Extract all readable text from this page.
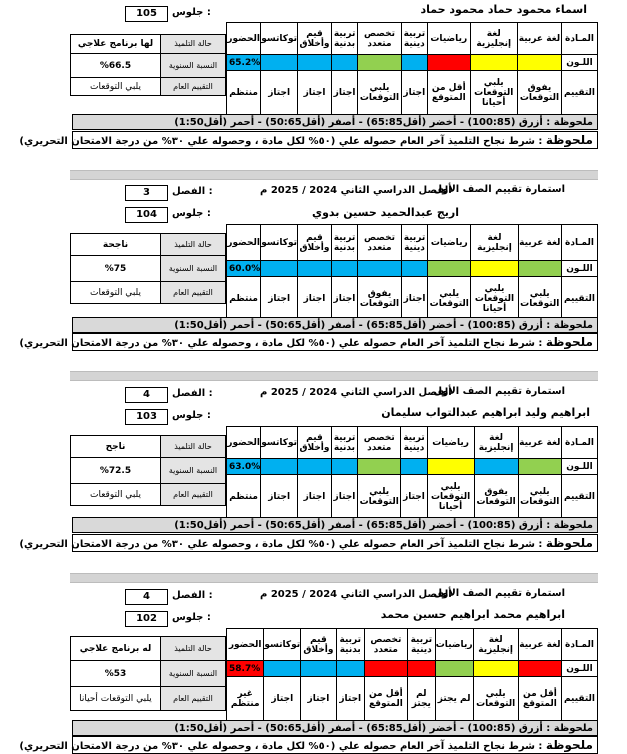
105	جلوس :	اسماء محمود حماد محمود حماد
لها برنامج علاجي	حالة التلميذ
%66.5	النسبة السنوية
يلبي التوقعات	التقييم العام
الحضور	توكاتسو	قيم وأخلاق	تربية بدنية	تخصص متعدد	تربية دينية	رياضيات	لغة إنجليزية	لغة عربية	المـادة
65.2%									اللـون
منتظم	اجتاز	اجتاز	اجتاز	يلبي التوقعات	اجتاز	أقل من المتوقع	يلبي التوقعات أحيانا	يفوق التوقعات	التقييم
ملحوظة : أزرق (100:85) - أخضر (أقل65:85) - أصفر (أقل50:65) - أحمر (أقل1:50)
ملحوظة : شرط نجاح التلميذ آخر العام حصوله علي (٥٠% لكل مادة ، وحصوله علي ٣٠% من درجة الامتحان التحريري)
3	الفصل :	الفصل الدراسي الثاني 2024 / 2025 م
استمارة تقييم الصف الأول
104	جلوس :	اريج عبدالحميد حسين بدوي
ناجحة	حالة التلميذ
%75	النسبة السنوية
يلبي التوقعات	التقييم العام
الحضور	توكاتسو	قيم وأخلاق	تربية بدنية	تخصص متعدد	تربية دينية	رياضيات	لغة إنجليزية	لغة عربية	المـادة
60.0%									اللـون
منتظم	اجتاز	اجتاز	اجتاز	يفوق التوقعات	اجتاز	يلبي التوقعات	يلبي التوقعات أحيانا	يلبي التوقعات	التقييم
ملحوظة : أزرق (100:85) - أخضر (أقل65:85) - أصفر (أقل50:65) - أحمر (أقل1:50)
ملحوظة : شرط نجاح التلميذ آخر العام حصوله علي (٥٠% لكل مادة ، وحصوله علي ٣٠% من درجة الامتحان التحريري)
4	الفصل :	الفصل الدراسي الثاني 2024 / 2025 م
استمارة تقييم الصف الأول
103	جلوس :	ابراهيم وليد ابراهيم عبدالتواب سليمان
ناجح	حالة التلميذ
%72.5	النسبة السنوية
يلبي التوقعات	التقييم العام
الحضور	توكاتسو	قيم وأخلاق	تربية بدنية	تخصص متعدد	تربية دينية	رياضيات	لغة إنجليزية	لغة عربية	المـادة
63.0%									اللـون
منتظم	اجتاز	اجتاز	اجتاز	يلبي التوقعات	اجتاز	يلبي التوقعات أحيانا	يفوق التوقعات	يلبي التوقعات	التقييم
ملحوظة : أزرق (100:85) - أخضر (أقل65:85) - أصفر (أقل50:65) - أحمر (أقل1:50)
ملحوظة : شرط نجاح التلميذ آخر العام حصوله علي (٥٠% لكل مادة ، وحصوله علي ٣٠% من درجة الامتحان التحريري)
4	الفصل :	الفصل الدراسي الثاني 2024 / 2025 م
استمارة تقييم الصف الأول
102	جلوس :	ابراهيم محمد ابراهيم حسين محمد
له برنامج علاجي	حالة التلميذ
%53	النسبة السنوية
يلبي التوقعات أحيانا	التقييم العام
الحضور	توكاتسو	قيم وأخلاق	تربية بدنية	تخصص متعدد	تربية دينية	رياضيات	لغة إنجليزية	لغة عربية	المـادة
58.7%									اللـون
غير منتظم	اجتاز	اجتاز	اجتاز	أقل من المتوقع	لم يجتز	لم يجتز	يلبي التوقعات	أقل من المتوقع	التقييم
ملحوظة : أزرق (100:85) - أخضر (أقل65:85) - أصفر (أقل50:65) - أحمر (أقل1:50)
ملحوظة : شرط نجاح التلميذ آخر العام حصوله علي (٥٠% لكل مادة ، وحصوله علي ٣٠% من درجة الامتحان التحريري)
